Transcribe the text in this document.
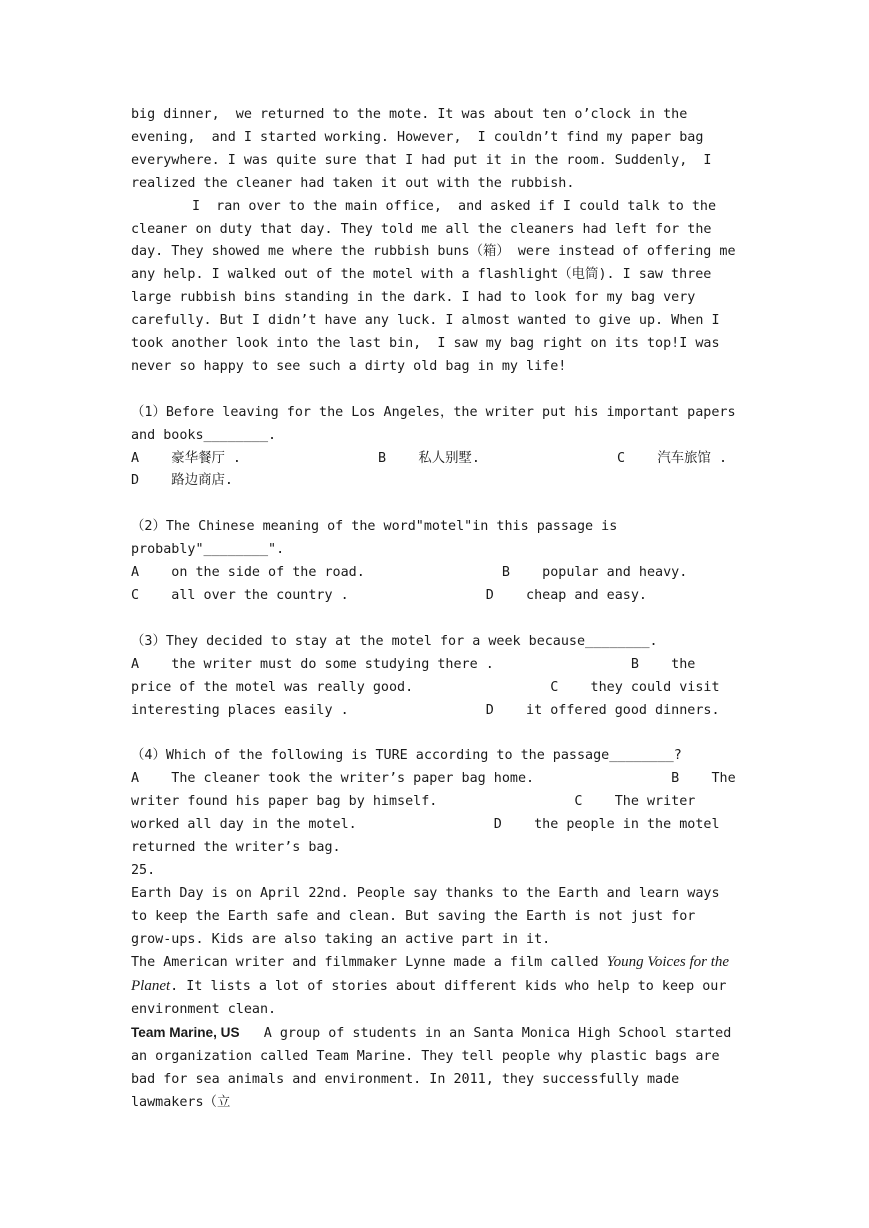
big dinner,  we returned to the mote. It was about ten o’clock in the evening,  and I started working. However,  I couldn’t find my paper bag everywhere. I was quite sure that I had put it in the room. Suddenly,  I realized the cleaner had taken it out with the rubbish.

I  ran over to the main office,  and asked if I could talk to the cleaner on duty that day. They told me all the cleaners had left for the day. They showed me where the rubbish buns（箱） were instead of offering me any help. I walked out of the motel with a flashlight（电筒). I saw three large rubbish bins standing in the dark. I had to look for my bag very carefully. But I didn’t have any luck. I almost wanted to give up. When I took another look into the last bin,  I saw my bag right on its top!I was never so happy to see such a dirty old bag in my life!

（1）Before leaving for the Los Angeles，the writer put his important papers and books________.

A    豪华餐厅 .                 B    私人别墅.                 C    汽车旅馆 .                 D    路边商店.

（2）The Chinese meaning of the word"motel"in this passage is probably"________".

A    on the side of the road.                 B    popular and heavy.                 C    all over the country .                 D    cheap and easy.

（3）They decided to stay at the motel for a week because________.

A    the writer must do some studying there .                 B    the price of the motel was really good.                 C    they could visit interesting places easily .                 D    it offered good dinners.

（4）Which of the following is TURE according to the passage________?

A    The cleaner took the writer’s paper bag home.                 B    The writer found his paper bag by himself.                 C    The writer worked all day in the motel.                 D    the people in the motel returned the writer’s bag.

25.

Earth Day is on April 22nd. People say thanks to the Earth and learn ways to keep the Earth safe and clean. But saving the Earth is not just for grow-ups. Kids are also taking an active part in it.

The American writer and filmmaker Lynne made a film called Young Voices for the Planet. It lists a lot of stories about different kids who help to keep our environment clean.

Team Marine, US   A group of students in an Santa Monica High School started an organization called Team Marine. They tell people why plastic bags are bad for sea animals and environment. In 2011, they successfully made lawmakers（立
